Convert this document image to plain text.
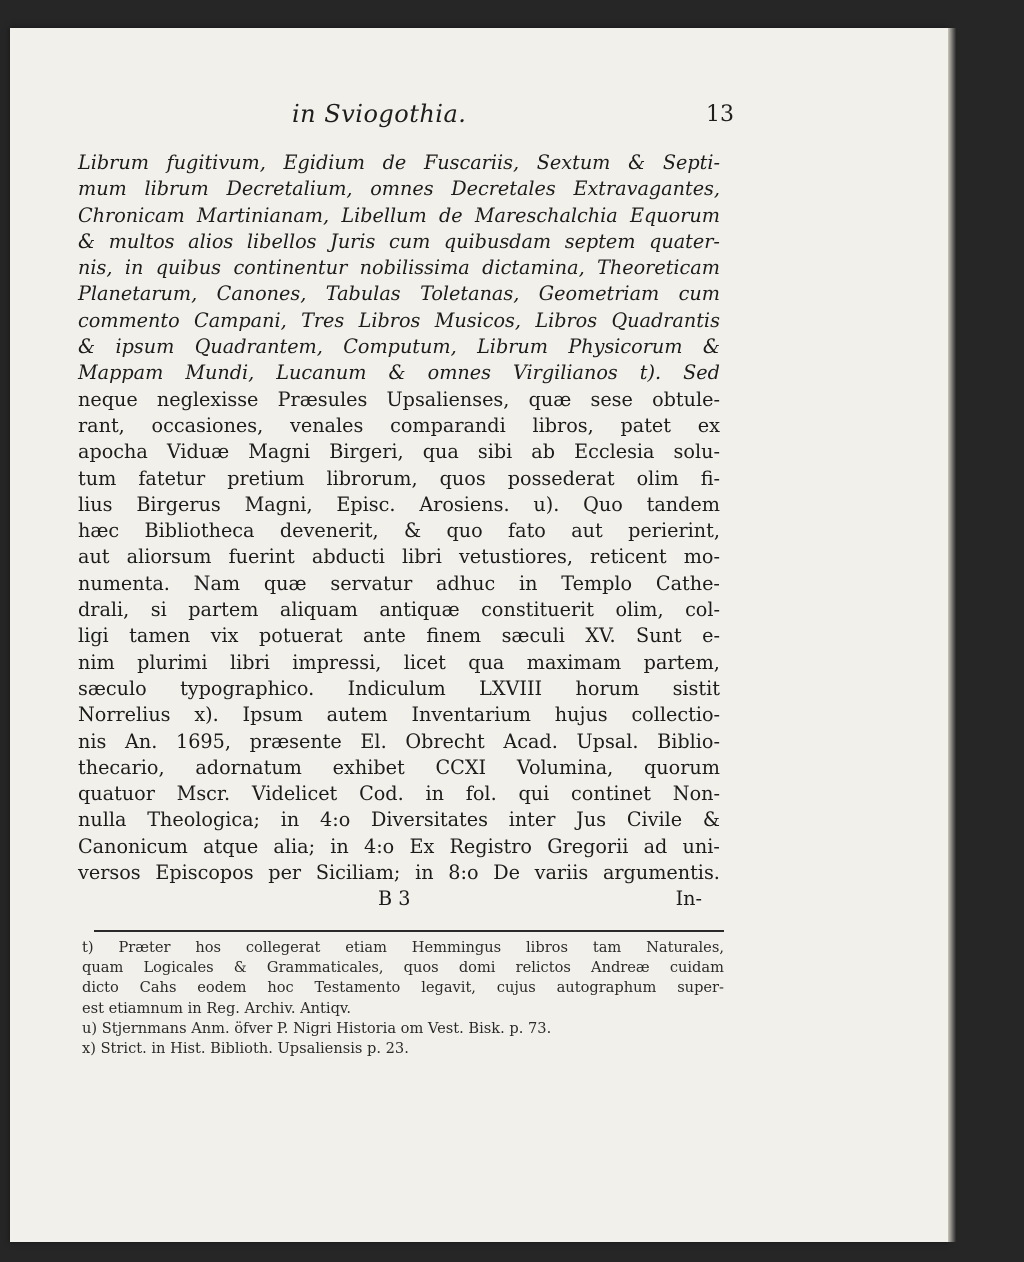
in Sviogothia.	13
Librum fugitivum, Egidium de Fuscariis, Sextum & Septi-
mum librum Decretalium, omnes Decretales Extravagantes,
Chronicam Martinianam, Libellum de Mareschalchia Equorum
& multos alios libellos Juris cum quibusdam septem quater-
nis, in quibus continentur nobilissima dictamina, Theoreticam
Planetarum, Canones, Tabulas Toletanas, Geometriam cum
commento Campani, Tres Libros Musicos, Libros Quadrantis
& ipsum Quadrantem, Computum, Librum Physicorum &
Mappam Mundi, Lucanum & omnes Virgilianos t). Sed
neque neglexisse Præsules Upsalienses, quæ sese obtule-
rant, occasiones, venales comparandi libros, patet ex
apocha Viduæ Magni Birgeri, qua sibi ab Ecclesia solu-
tum fatetur pretium librorum, quos possederat olim fi-
lius Birgerus Magni, Episc. Arosiens. u). Quo tandem
hæc Bibliotheca devenerit, & quo fato aut perierint,
aut aliorsum fuerint abducti libri vetustiores, reticent mo-
numenta. Nam quæ servatur adhuc in Templo Cathe-
drali, si partem aliquam antiquæ constituerit olim, col-
ligi tamen vix potuerat ante finem sæculi XV. Sunt e-
nim plurimi libri impressi, licet qua maximam partem,
sæculo typographico. Indiculum LXVIII horum sistit
Norrelius x). Ipsum autem Inventarium hujus collectio-
nis An. 1695, præsente El. Obrecht Acad. Upsal. Biblio-
thecario, adornatum exhibet CCXI Volumina, quorum
quatuor Mscr. Videlicet Cod. in fol. qui continet Non-
nulla Theologica; in 4:o Diversitates inter Jus Civile &
Canonicum atque alia; in 4:o Ex Registro Gregorii ad uni-
versos Episcopos per Siciliam; in 8:o De variis argumentis.
B 3	In-
t) Præter hos collegerat etiam Hemmingus libros tam Naturales,
quam Logicales & Grammaticales, quos domi relictos Andreæ cuidam
dicto Cahs eodem hoc Testamento legavit, cujus autographum super-
est etiamnum in Reg. Archiv. Antiqv.
u) Stjernmans Anm. öfver P. Nigri Historia om Vest. Bisk. p. 73.
x) Strict. in Hist. Biblioth. Upsaliensis p. 23.
